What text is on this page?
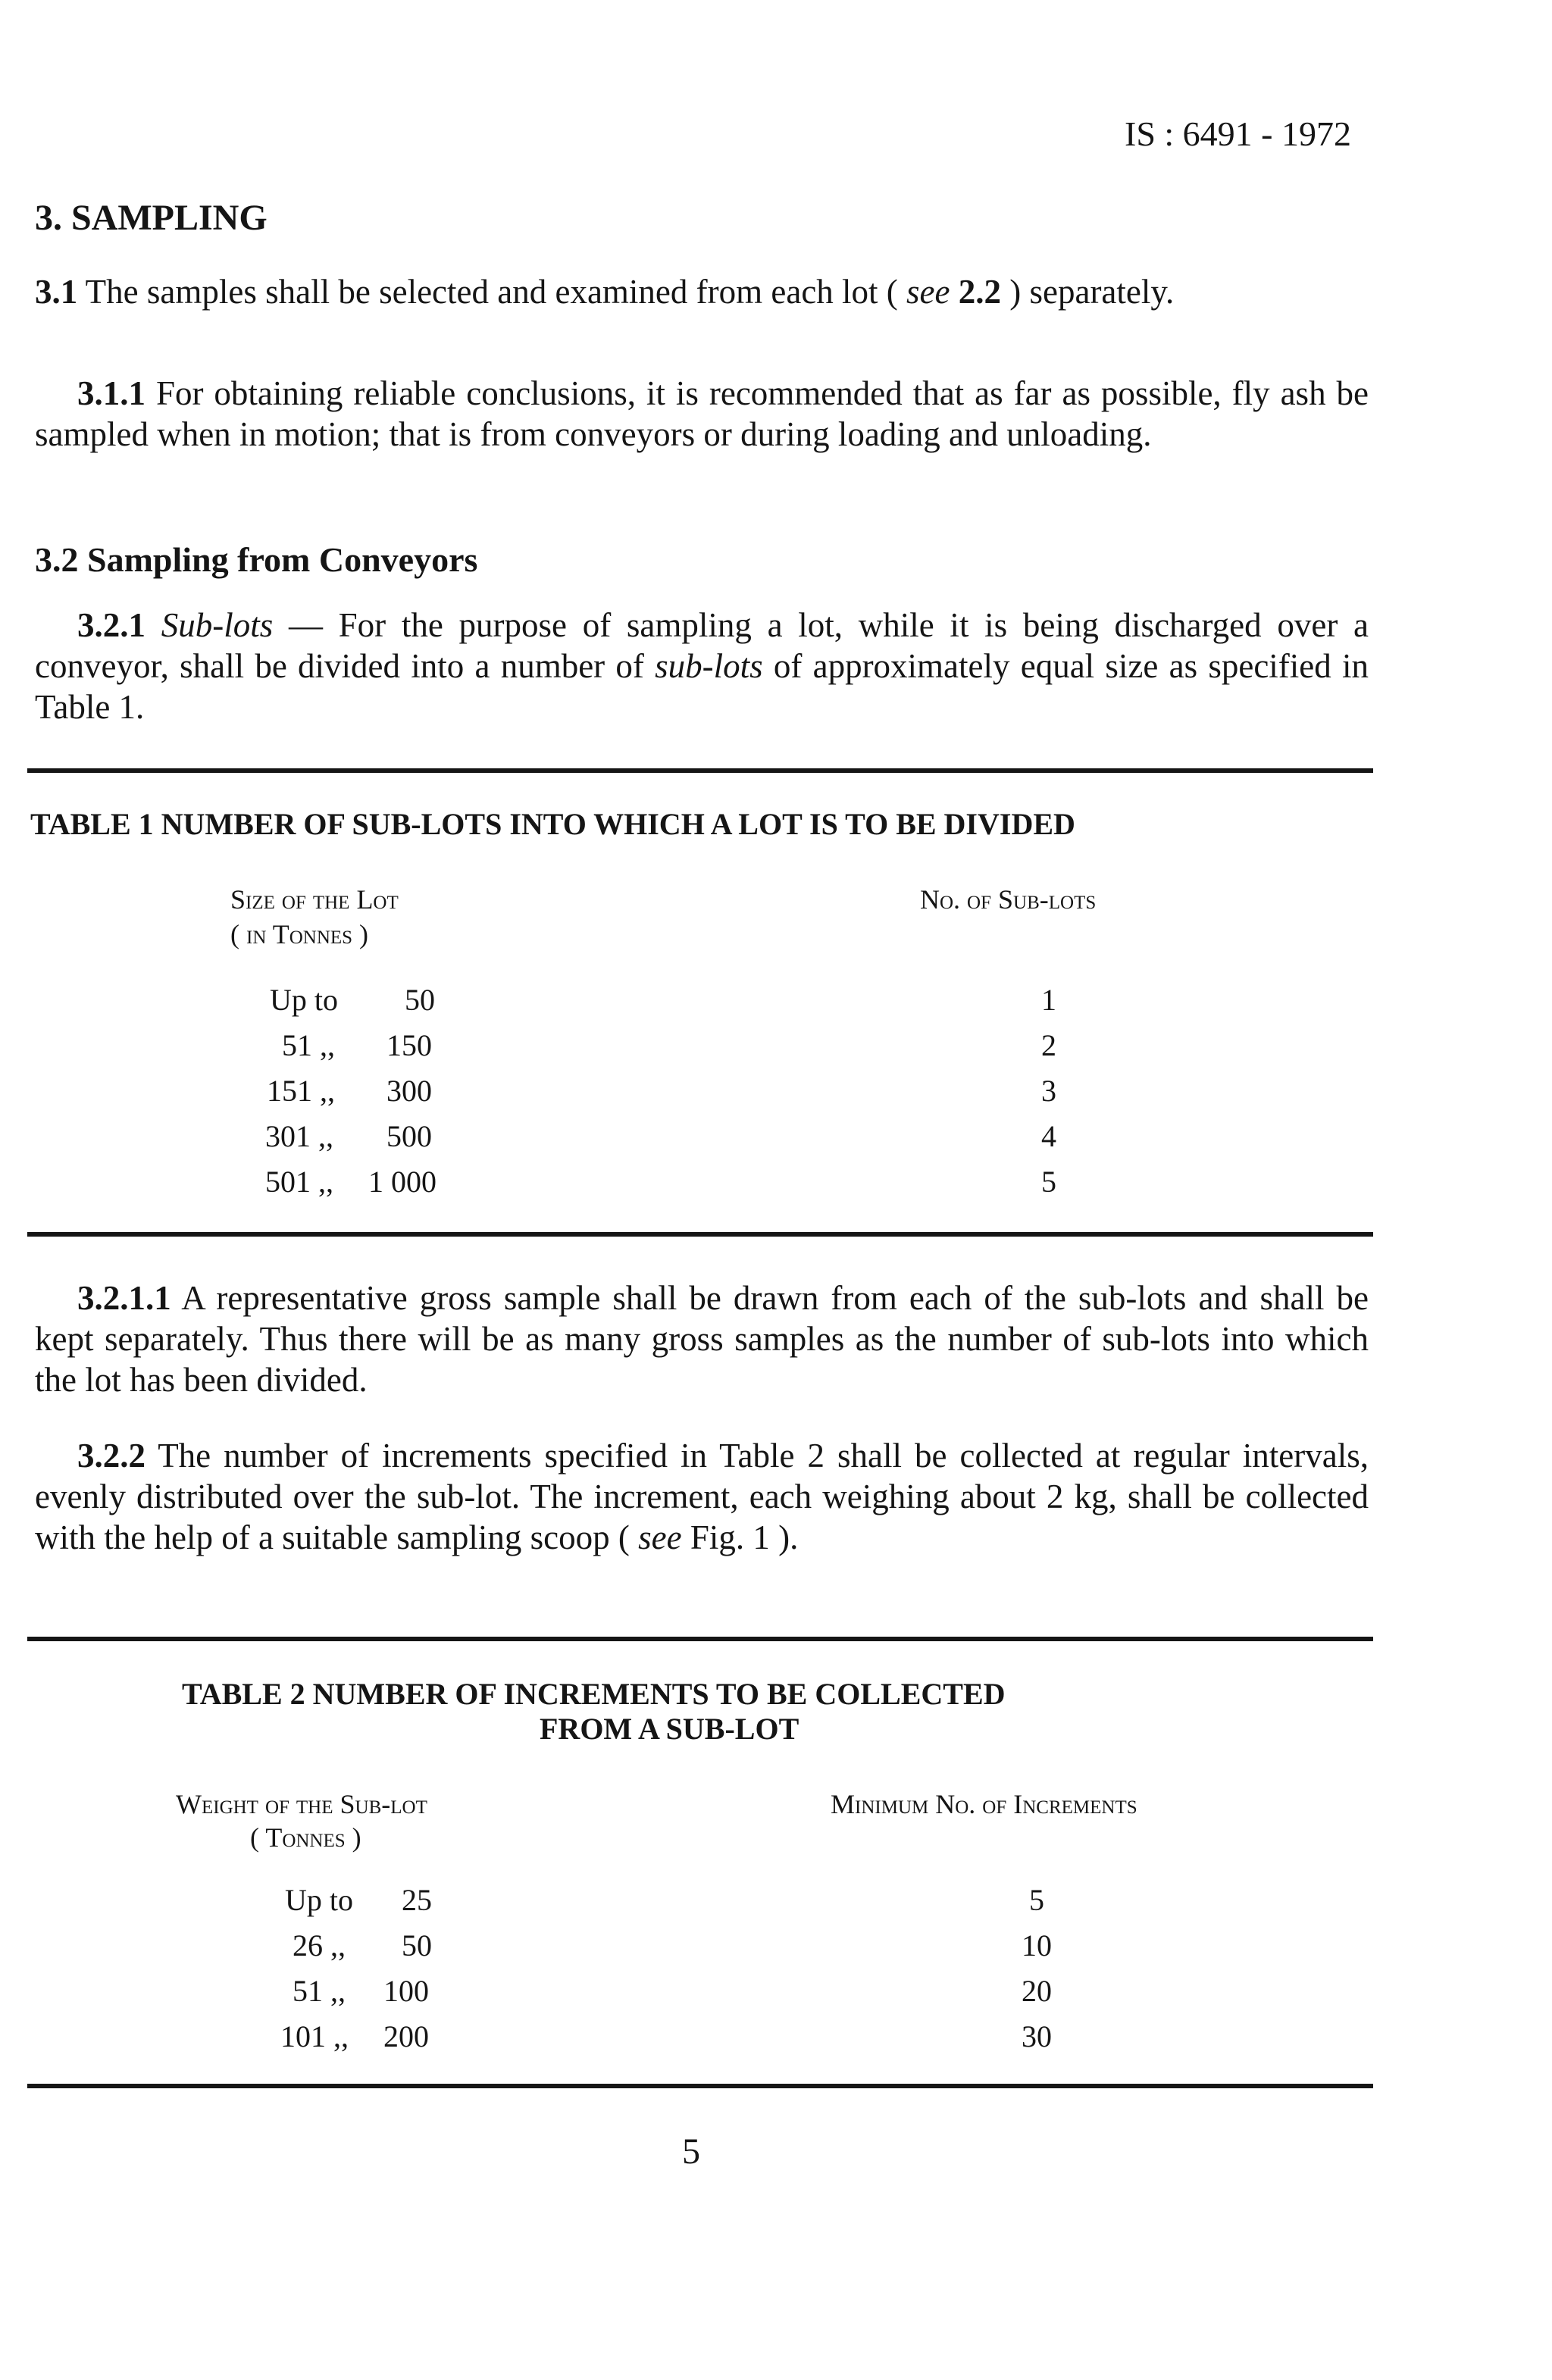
IS : 6491 - 1972
3. SAMPLING
3.1 The samples shall be selected and examined from each lot ( see 2.2 ) separately.
3.1.1 For obtaining reliable conclusions, it is recommended that as far as possible, fly ash be sampled when in motion; that is from conveyors or during loading and unloading.
3.2 Sampling from Conveyors
3.2.1 Sub-lots — For the purpose of sampling a lot, while it is being discharged over a conveyor, shall be divided into a number of sub-lots of approximately equal size as specified in Table 1.
TABLE 1 NUMBER OF SUB-LOTS INTO WHICH A LOT IS TO BE DIVIDED
Size of the Lot
( in Tonnes )
No. of Sub-lots
Up to 50	1
51 ,, 150	2
151 ,, 300	3
301 ,, 500	4
501 ,, 1 000	5
3.2.1.1 A representative gross sample shall be drawn from each of the sub-lots and shall be kept separately. Thus there will be as many gross samples as the number of sub-lots into which the lot has been divided.
3.2.2 The number of increments specified in Table 2 shall be collected at regular intervals, evenly distributed over the sub-lot. The increment, each weighing about 2 kg, shall be collected with the help of a suitable sampling scoop ( see Fig. 1 ).
TABLE 2 NUMBER OF INCREMENTS TO BE COLLECTED
FROM A SUB-LOT
Weight of the Sub-lot
( Tonnes )
Minimum No. of Increments
Up to 25	5
26 ,, 50	10
51 ,, 100	20
101 ,, 200	30
5
